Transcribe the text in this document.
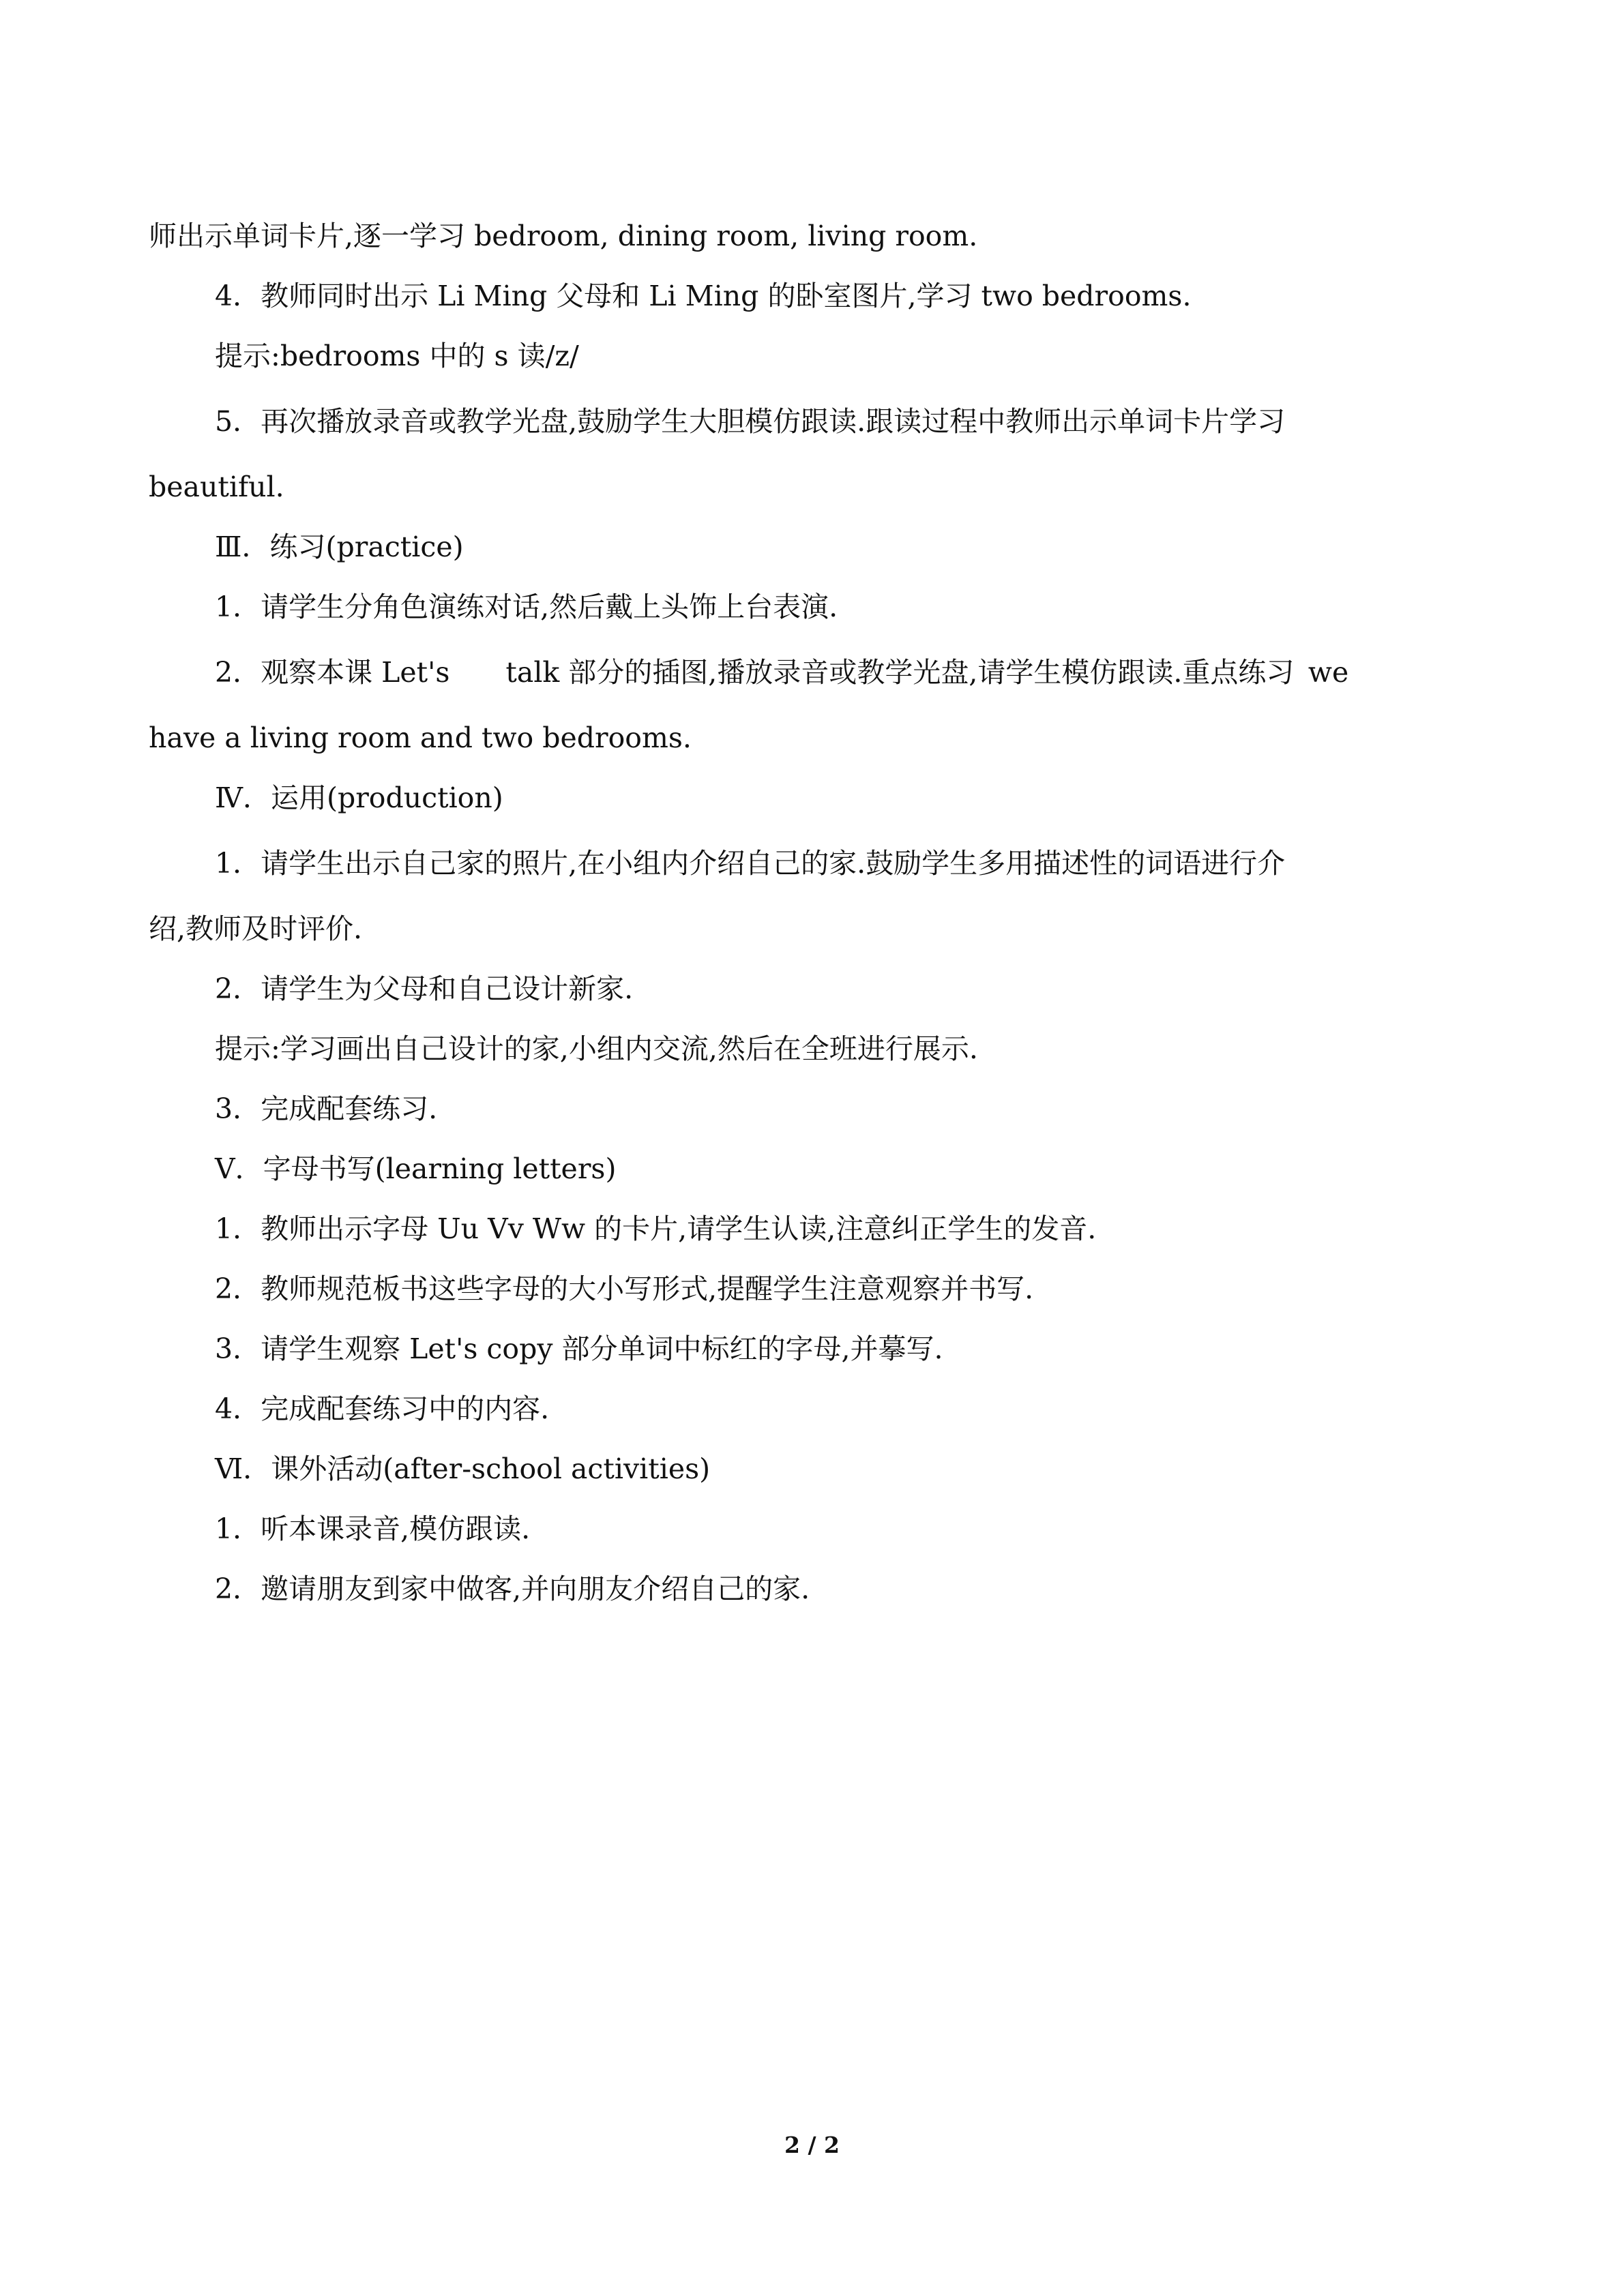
师出示单词卡片,逐一学习 bedroom, dining room, living room.
4．教师同时出示 Li Ming 父母和 Li Ming 的卧室图片,学习 two bedrooms.
提示:bedrooms 中的 s 读/z/
5．再次播放录音或教学光盘,鼓励学生大胆模仿跟读.跟读过程中教师出示单词卡片学习
beautiful.
Ⅲ．练习(practice)
1．请学生分角色演练对话,然后戴上头饰上台表演.
2．观察本课 Let's　　talk 部分的插图,播放录音或教学光盘,请学生模仿跟读.重点练习 we
have a living room and two bedrooms. 
Ⅳ．运用(production)
1．请学生出示自己家的照片,在小组内介绍自己的家.鼓励学生多用描述性的词语进行介
绍,教师及时评价.
2．请学生为父母和自己设计新家.
提示:学习画出自己设计的家,小组内交流,然后在全班进行展示.
3．完成配套练习.
Ⅴ．字母书写(learning letters)
1．教师出示字母 Uu Vv Ww 的卡片,请学生认读,注意纠正学生的发音.
2．教师规范板书这些字母的大小写形式,提醒学生注意观察并书写.
3．请学生观察 Let's copy 部分单词中标红的字母,并摹写.
4．完成配套练习中的内容.
Ⅵ．课外活动(after-school activities)
1．听本课录音,模仿跟读.
2．邀请朋友到家中做客,并向朋友介绍自己的家.
2 / 2
